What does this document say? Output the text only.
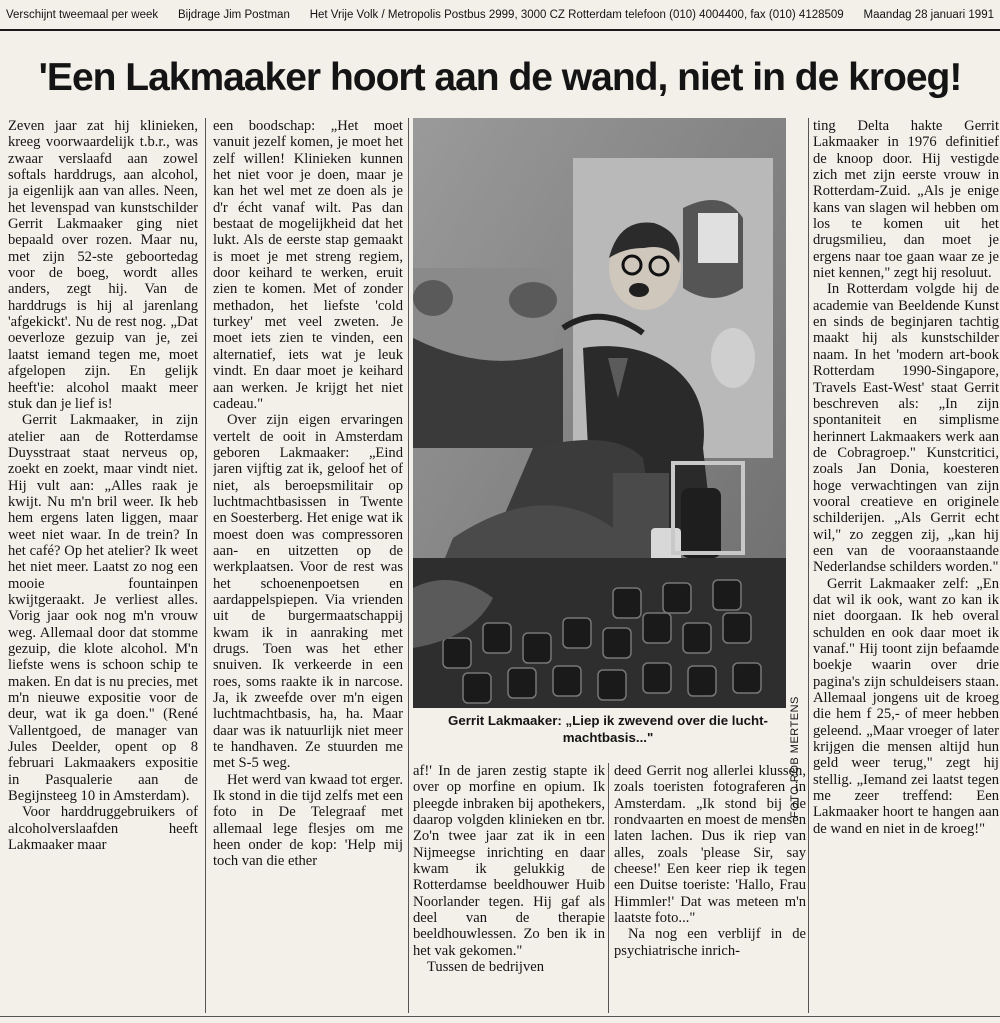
Verschijnt tweemaal per week Bijdrage Jim Postman Het Vrije Volk / Metropolis Postbus 2999, 3000 CZ Rotterdam telefoon (010) 4004400, fax (010) 4128509 Maandag 28 januari 1991
'Een Lakmaaker hoort aan de wand, niet in de kroeg!

Zeven jaar zat hij klinieken, kreeg voorwaardelijk t.b.r., was zwaar verslaafd aan zowel softals harddrugs, aan alcohol, ja eigenlijk aan van alles. Neen, het levenspad van kunstschilder Gerrit Lakmaaker ging niet bepaald over rozen. Maar nu, met zijn 52-ste geboortedag voor de boeg, wordt alles anders, zegt hij. Van de harddrugs is hij al jarenlang 'afgekickt'. Nu de rest nog. „Dat oeverloze gezuip van je, zei laatst iemand tegen me, moet afgelopen zijn. En gelijk heeft'ie: alcohol maakt meer stuk dan je lief is!

Gerrit Lakmaaker, in zijn atelier aan de Rotterdamse Duysstraat staat nerveus op, zoekt en zoekt, maar vindt niet. Hij vult aan: „Alles raak je kwijt. Nu m'n bril weer. Ik heb hem ergens laten liggen, maar weet niet waar. In de trein? In het café? Op het atelier? Ik weet het niet meer. Laatst zo nog een mooie fountainpen kwijtgeraakt. Je verliest alles. Vorig jaar ook nog m'n vrouw weg. Allemaal door dat stomme gezuip, die klote alcohol. M'n liefste wens is schoon schip te maken. En dat is nu precies, met m'n nieuwe expositie voor de deur, wat ik ga doen." (René Vallentgoed, de manager van Jules Deelder, opent op 8 februari Lakmaakers expositie in Pasqualerie aan de Begijnsteeg 10 in Amsterdam).

Voor harddruggebruikers of alcoholverslaafden heeft Lakmaaker maar

een boodschap: „Het moet vanuit jezelf komen, je moet het zelf willen! Klinieken kunnen het niet voor je doen, maar je kan het wel met ze doen als je d'r écht vanaf wilt. Pas dan bestaat de mogelijkheid dat het lukt. Als de eerste stap gemaakt is moet je met streng regiem, door keihard te werken, eruit zien te komen. Met of zonder methadon, het liefste 'cold turkey' met veel zweten. Je moet iets zien te vinden, een alternatief, iets wat je leuk vindt. En daar moet je keihard aan werken. Je krijgt het niet cadeau."

Over zijn eigen ervaringen vertelt de ooit in Amsterdam geboren Lakmaaker: „Eind jaren vijftig zat ik, geloof het of niet, als beroepsmilitair op luchtmachtbasissen in Twente en Soesterberg. Het enige wat ik moest doen was compressoren aan- en uitzetten op de werkplaatsen. Voor de rest was het schoenenpoetsen en aardappelspiepen. Via vrienden uit de burgermaatschappij kwam ik in aanraking met drugs. Toen was het ether snuiven. Ik verkeerde in een roes, soms raakte ik in narcose. Ja, ik zweefde over m'n eigen luchtmachtbasis, ha, ha. Maar daar was ik natuurlijk niet meer te handhaven. Ze stuurden me met S-5 weg.

Het werd van kwaad tot erger. Ik stond in die tijd zelfs met een foto in De Telegraaf met allemaal lege flesjes om me heen onder de kop: 'Help mij toch van die ether

FOTO ROB MERTENS
Gerrit Lakmaaker: „Liep ik zwevend over die lucht-
machtbasis..."

af!' In de jaren zestig stapte ik over op morfine en opium. Ik pleegde inbraken bij apothekers, daarop volgden klinieken en tbr. Zo'n twee jaar zat ik in een Nijmeegse inrichting en daar kwam ik gelukkig de Rotterdamse beeldhouwer Huib Noorlander tegen. Hij gaf als deel van de therapie beeldhouwlessen. Zo ben ik in het vak gekomen."

Tussen de bedrijven

deed Gerrit nog allerlei klussen, zoals toeristen fotograferen in Amsterdam. „Ik stond bij de rondvaarten en moest de mensen laten lachen. Dus ik riep van alles, zoals 'please Sir, say cheese!' Een keer riep ik tegen een Duitse toeriste: 'Hallo, Frau Himmler!' Dat was meteen m'n laatste foto..."

Na nog een verblijf in de psychiatrische inrich-

ting Delta hakte Gerrit Lakmaaker in 1976 definitief de knoop door. Hij vestigde zich met zijn eerste vrouw in Rotterdam-Zuid. „Als je enige kans van slagen wil hebben om los te komen uit het drugsmilieu, dan moet je ergens naar toe gaan waar ze je niet kennen," zegt hij resoluut.

In Rotterdam volgde hij de academie van Beeldende Kunst en sinds de beginjaren tachtig maakt hij als kunstschilder naam. In het 'modern art-book Rotterdam 1990-Singapore, Travels East-West' staat Gerrit beschreven als: „In zijn spontaniteit en simplisme herinnert Lakmaakers werk aan de Cobragroep." Kunstcritici, zoals Jan Donia, koesteren hoge verwachtingen van zijn vooral creatieve en originele schilderijen. „Als Gerrit echt wil," zo zeggen zij, „kan hij een van de vooraanstaande Nederlandse schilders worden."

Gerrit Lakmaaker zelf: „En dat wil ik ook, want zo kan ik niet doorgaan. Ik heb overal schulden en ook daar moet ik vanaf." Hij toont zijn befaamde boekje waarin over drie pagina's zijn schuldeisers staan. Allemaal jongens uit de kroeg die hem f 25,- of meer hebben geleend. „Maar vroeger of later krijgen die mensen altijd hun geld weer terug," zegt hij stellig. „Iemand zei laatst tegen me zeer treffend: Een Lakmaaker hoort te hangen aan de wand en niet in de kroeg!"
